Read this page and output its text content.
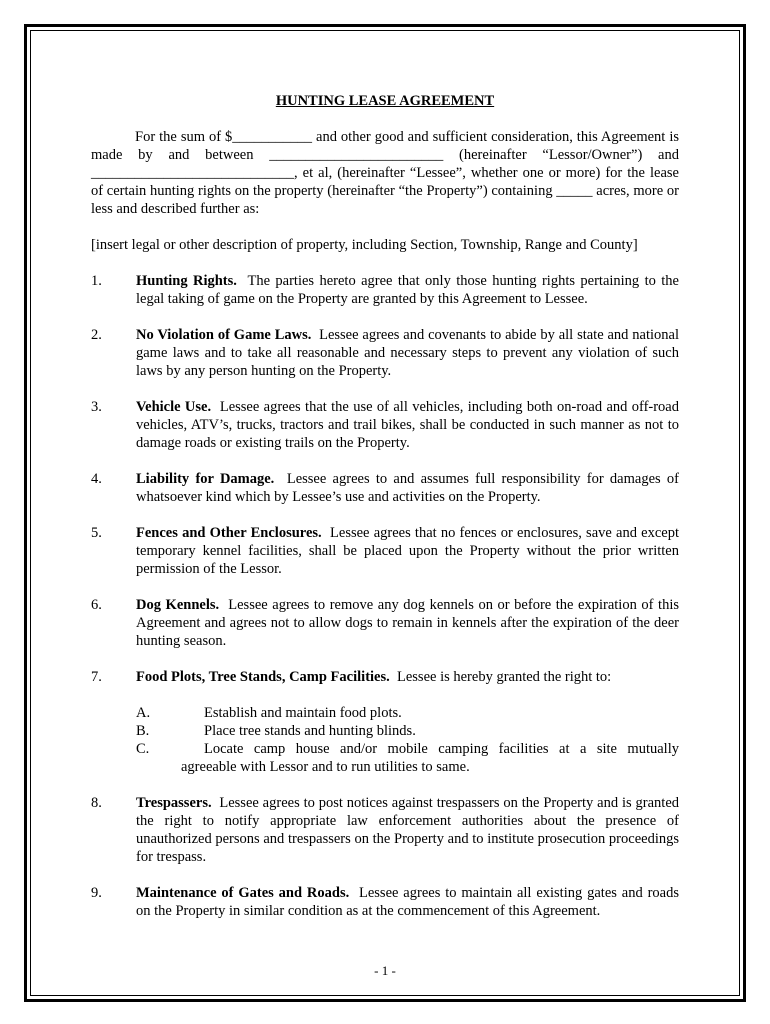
HUNTING LEASE AGREEMENT

For the sum of $___________ and other good and sufficient consideration, this Agreement is made by and between ________________________ (hereinafter “Lessor/Owner”) and ____________________________, et al, (hereinafter “Lessee”, whether one or more) for the lease of certain hunting rights on the property (hereinafter “the Property”) containing _____ acres, more or less and described further as:

[insert legal or other description of property, including Section, Township, Range and County]
1. Hunting Rights. The parties hereto agree that only those hunting rights pertaining to the legal taking of game on the Property are granted by this Agreement to Lessee.
2. No Violation of Game Laws. Lessee agrees and covenants to abide by all state and national game laws and to take all reasonable and necessary steps to prevent any violation of such laws by any person hunting on the Property.
3. Vehicle Use. Lessee agrees that the use of all vehicles, including both on-road and off-road vehicles, ATV’s, trucks, tractors and trail bikes, shall be conducted in such manner as not to damage roads or existing trails on the Property.
4. Liability for Damage. Lessee agrees to and assumes full responsibility for damages of whatsoever kind which by Lessee’s use and activities on the Property.
5. Fences and Other Enclosures. Lessee agrees that no fences or enclosures, save and except temporary kennel facilities, shall be placed upon the Property without the prior written permission of the Lessor.
6. Dog Kennels. Lessee agrees to remove any dog kennels on or before the expiration of this Agreement and agrees not to allow dogs to remain in kennels after the expiration of the deer hunting season.
7. Food Plots, Tree Stands, Camp Facilities. Lessee is hereby granted the right to:
A.	Establish and maintain food plots.
B.	Place tree stands and hunting blinds.
C.	Locate camp house and/or mobile camping facilities at a site mutually
agreeable with Lessor and to run utilities to same.
8. Trespassers. Lessee agrees to post notices against trespassers on the Property and is granted the right to notify appropriate law enforcement authorities about the presence of unauthorized persons and trespassers on the Property and to institute prosecution proceedings for trespass.
9. Maintenance of Gates and Roads. Lessee agrees to maintain all existing gates and roads on the Property in similar condition as at the commencement of this Agreement.
- 1 -
